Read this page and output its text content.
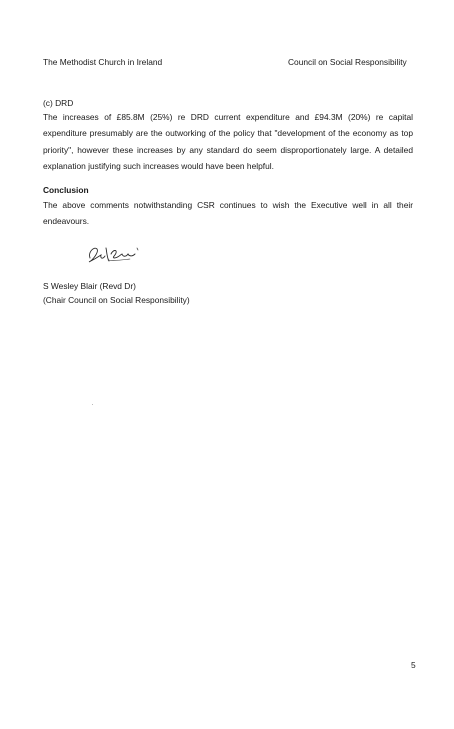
The Methodist Church in Ireland	Council on Social Responsibility
(c) DRD

The increases of £85.8M (25%) re DRD current expenditure and £94.3M (20%) re capital expenditure presumably are the outworking of the policy that "development of the economy as top priority", however these increases by any standard do seem disproportionately large. A detailed explanation justifying such increases would have been helpful.

Conclusion

The above comments notwithstanding CSR continues to wish the Executive well in all their endeavours.

S Wesley Blair (Revd Dr)
(Chair Council on Social Responsibility)
5
